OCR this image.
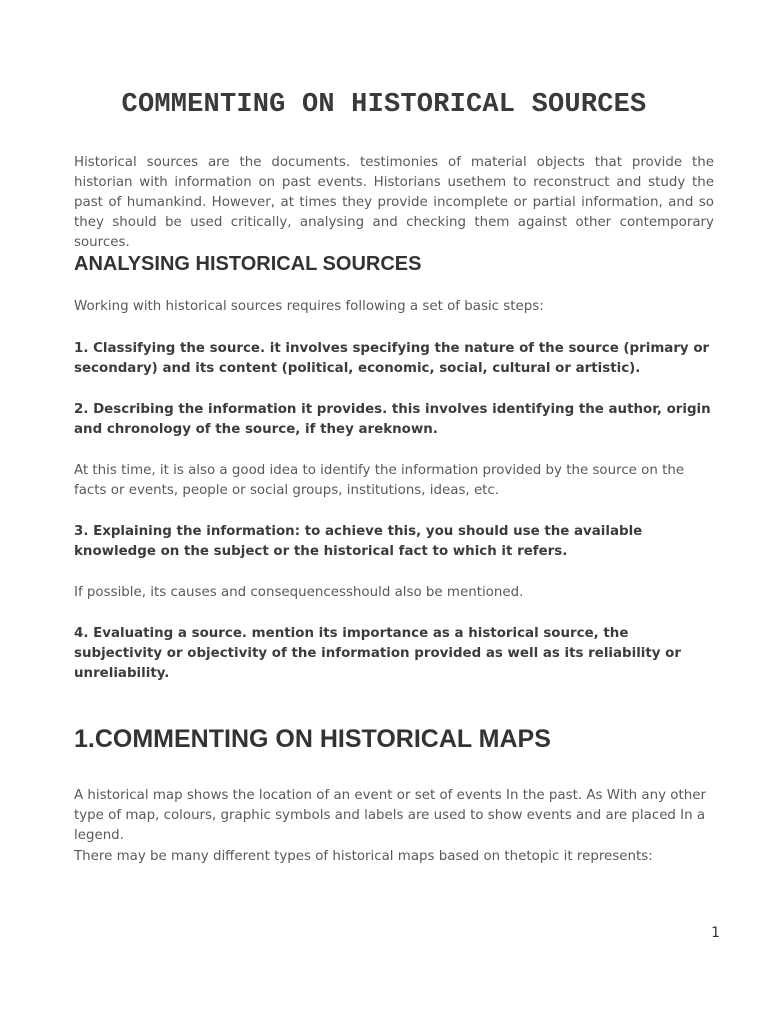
COMMENTING ON HISTORICAL SOURCES

Historical sources are the documents. testimonies of material objects that provide the historian with information on past events. Historians usethem to reconstruct and study the past of humankind. However, at times they provide incomplete or partial information, and so they should be used critically, analysing and checking them against other contemporary sources.

ANALYSING HISTORICAL SOURCES

Working with historical sources requires following a set of basic steps:

1. Classifying the source. it involves specifying the nature of the source (primary or secondary) and its content (political, economic, social, cultural or artistic).

2. Describing the information it provides. this involves identifying the author, origin and chronology of the source, if they areknown.

At this time, it is also a good idea to identify the information provided by the source on the facts or events, people or social groups, institutions, ideas, etc.

3. Explaining the information: to achieve this, you should use the available knowledge on the subject or the historical fact to which it refers.

If possible, its causes and consequencesshould also be mentioned.

4. Evaluating a source. mention its importance as a historical source, the subjectivity or objectivity of the information provided as well as its reliability or unreliability.

1.COMMENTING ON HISTORICAL MAPS

A historical map shows the location of an event or set of events In the past. As With any other type of map, colours, graphic symbols and labels are used to show events and are placed In a legend.

There may be many different types of historical maps based on thetopic it represents:

1
